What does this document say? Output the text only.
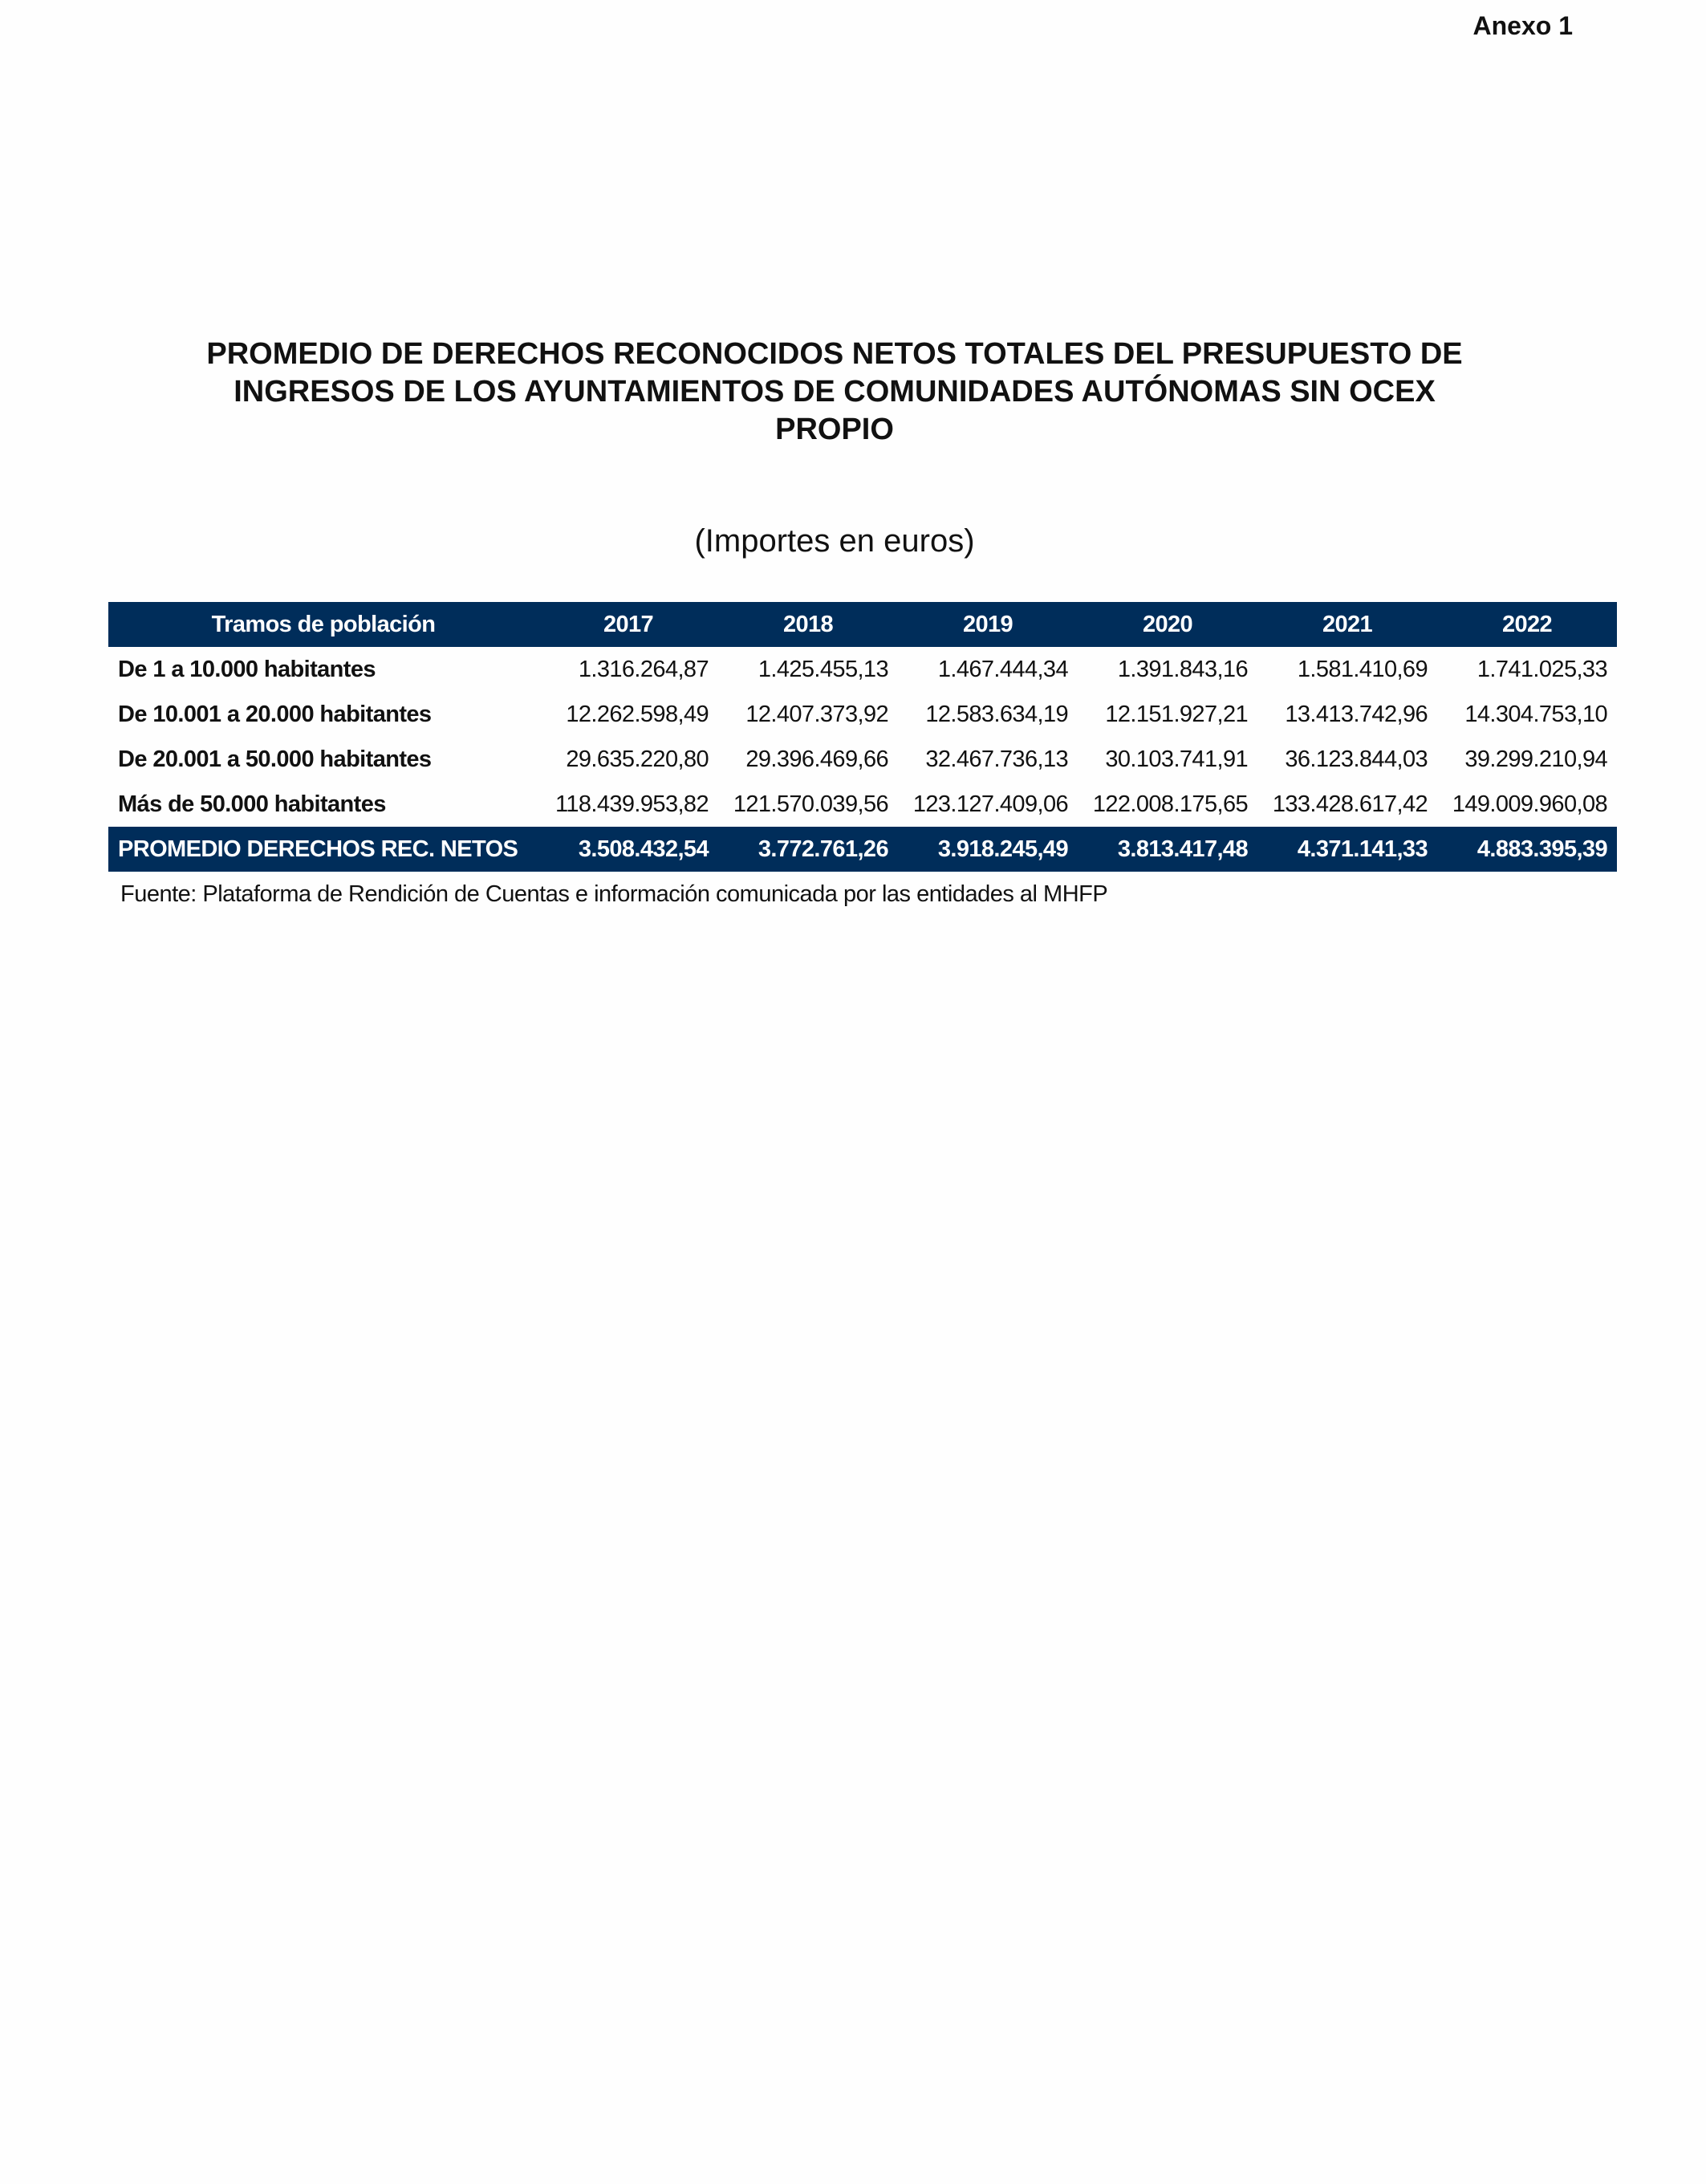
Anexo 1
PROMEDIO DE DERECHOS RECONOCIDOS NETOS TOTALES DEL PRESUPUESTO DE
INGRESOS DE LOS AYUNTAMIENTOS DE COMUNIDADES AUTÓNOMAS SIN OCEX
PROPIO
(Importes en euros)
Tramos de población	2017	2018	2019	2020	2021	2022
De 1 a 10.000 habitantes	1.316.264,87	1.425.455,13	1.467.444,34	1.391.843,16	1.581.410,69	1.741.025,33
De 10.001 a 20.000 habitantes	12.262.598,49	12.407.373,92	12.583.634,19	12.151.927,21	13.413.742,96	14.304.753,10
De 20.001 a 50.000 habitantes	29.635.220,80	29.396.469,66	32.467.736,13	30.103.741,91	36.123.844,03	39.299.210,94
Más de 50.000 habitantes	118.439.953,82	121.570.039,56	123.127.409,06	122.008.175,65	133.428.617,42	149.009.960,08
PROMEDIO DERECHOS REC. NETOS	3.508.432,54	3.772.761,26	3.918.245,49	3.813.417,48	4.371.141,33	4.883.395,39
Fuente: Plataforma de Rendición de Cuentas e información comunicada por las entidades al MHFP
